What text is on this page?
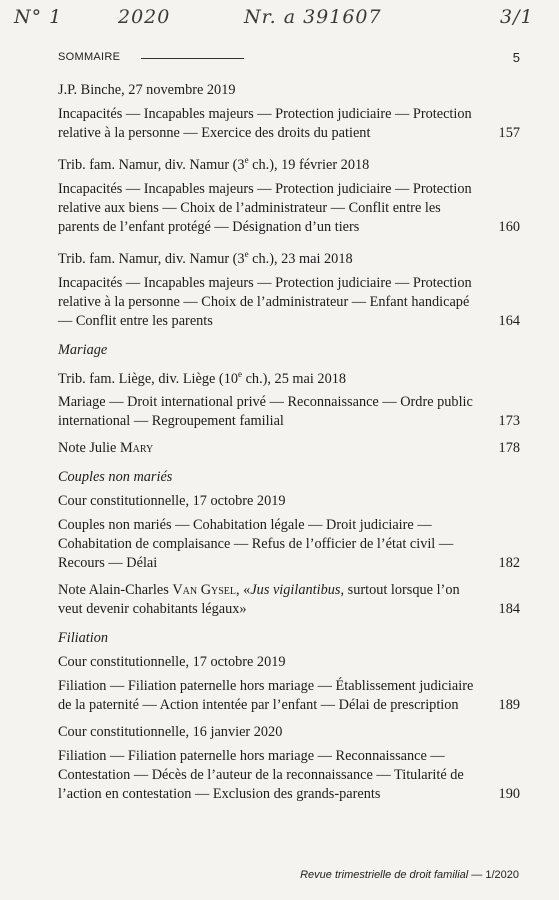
N° 1	2020	Nr. a 391607	3/1
SOMMAIRE	5
J.P. Binche, 27 novembre 2019
Incapacités — Incapables majeurs — Protection judiciaire — Protection relative à la personne — Exercice des droits du patient	157
Trib. fam. Namur, div. Namur (3e ch.), 19 février 2018
Incapacités — Incapables majeurs — Protection judiciaire — Protection relative aux biens — Choix de l’administrateur — Conflit entre les parents de l’enfant protégé — Désignation d’un tiers	160
Trib. fam. Namur, div. Namur (3e ch.), 23 mai 2018
Incapacités — Incapables majeurs — Protection judiciaire — Protection relative à la personne — Choix de l’administrateur — Enfant handicapé — Conflit entre les parents	164
Mariage
Trib. fam. Liège, div. Liège (10e ch.), 25 mai 2018
Mariage — Droit international privé — Reconnaissance — Ordre public international — Regroupement familial	173
Note Julie Mary	178
Couples non mariés
Cour constitutionnelle, 17 octobre 2019
Couples non mariés — Cohabitation légale — Droit judiciaire — Cohabitation de complaisance — Refus de l’officier de l’état civil — Recours — Délai	182
Note Alain-Charles Van Gysel, «Jus vigilantibus, surtout lorsque l’on veut devenir cohabitants légaux»	184
Filiation
Cour constitutionnelle, 17 octobre 2019
Filiation — Filiation paternelle hors mariage — Établissement judiciaire de la paternité — Action intentée par l’enfant — Délai de prescription	189
Cour constitutionnelle, 16 janvier 2020
Filiation — Filiation paternelle hors mariage — Reconnaissance — Contestation — Décès de l’auteur de la reconnaissance — Titularité de l’action en contestation — Exclusion des grands-parents	190
Revue trimestrielle de droit familial — 1/2020
